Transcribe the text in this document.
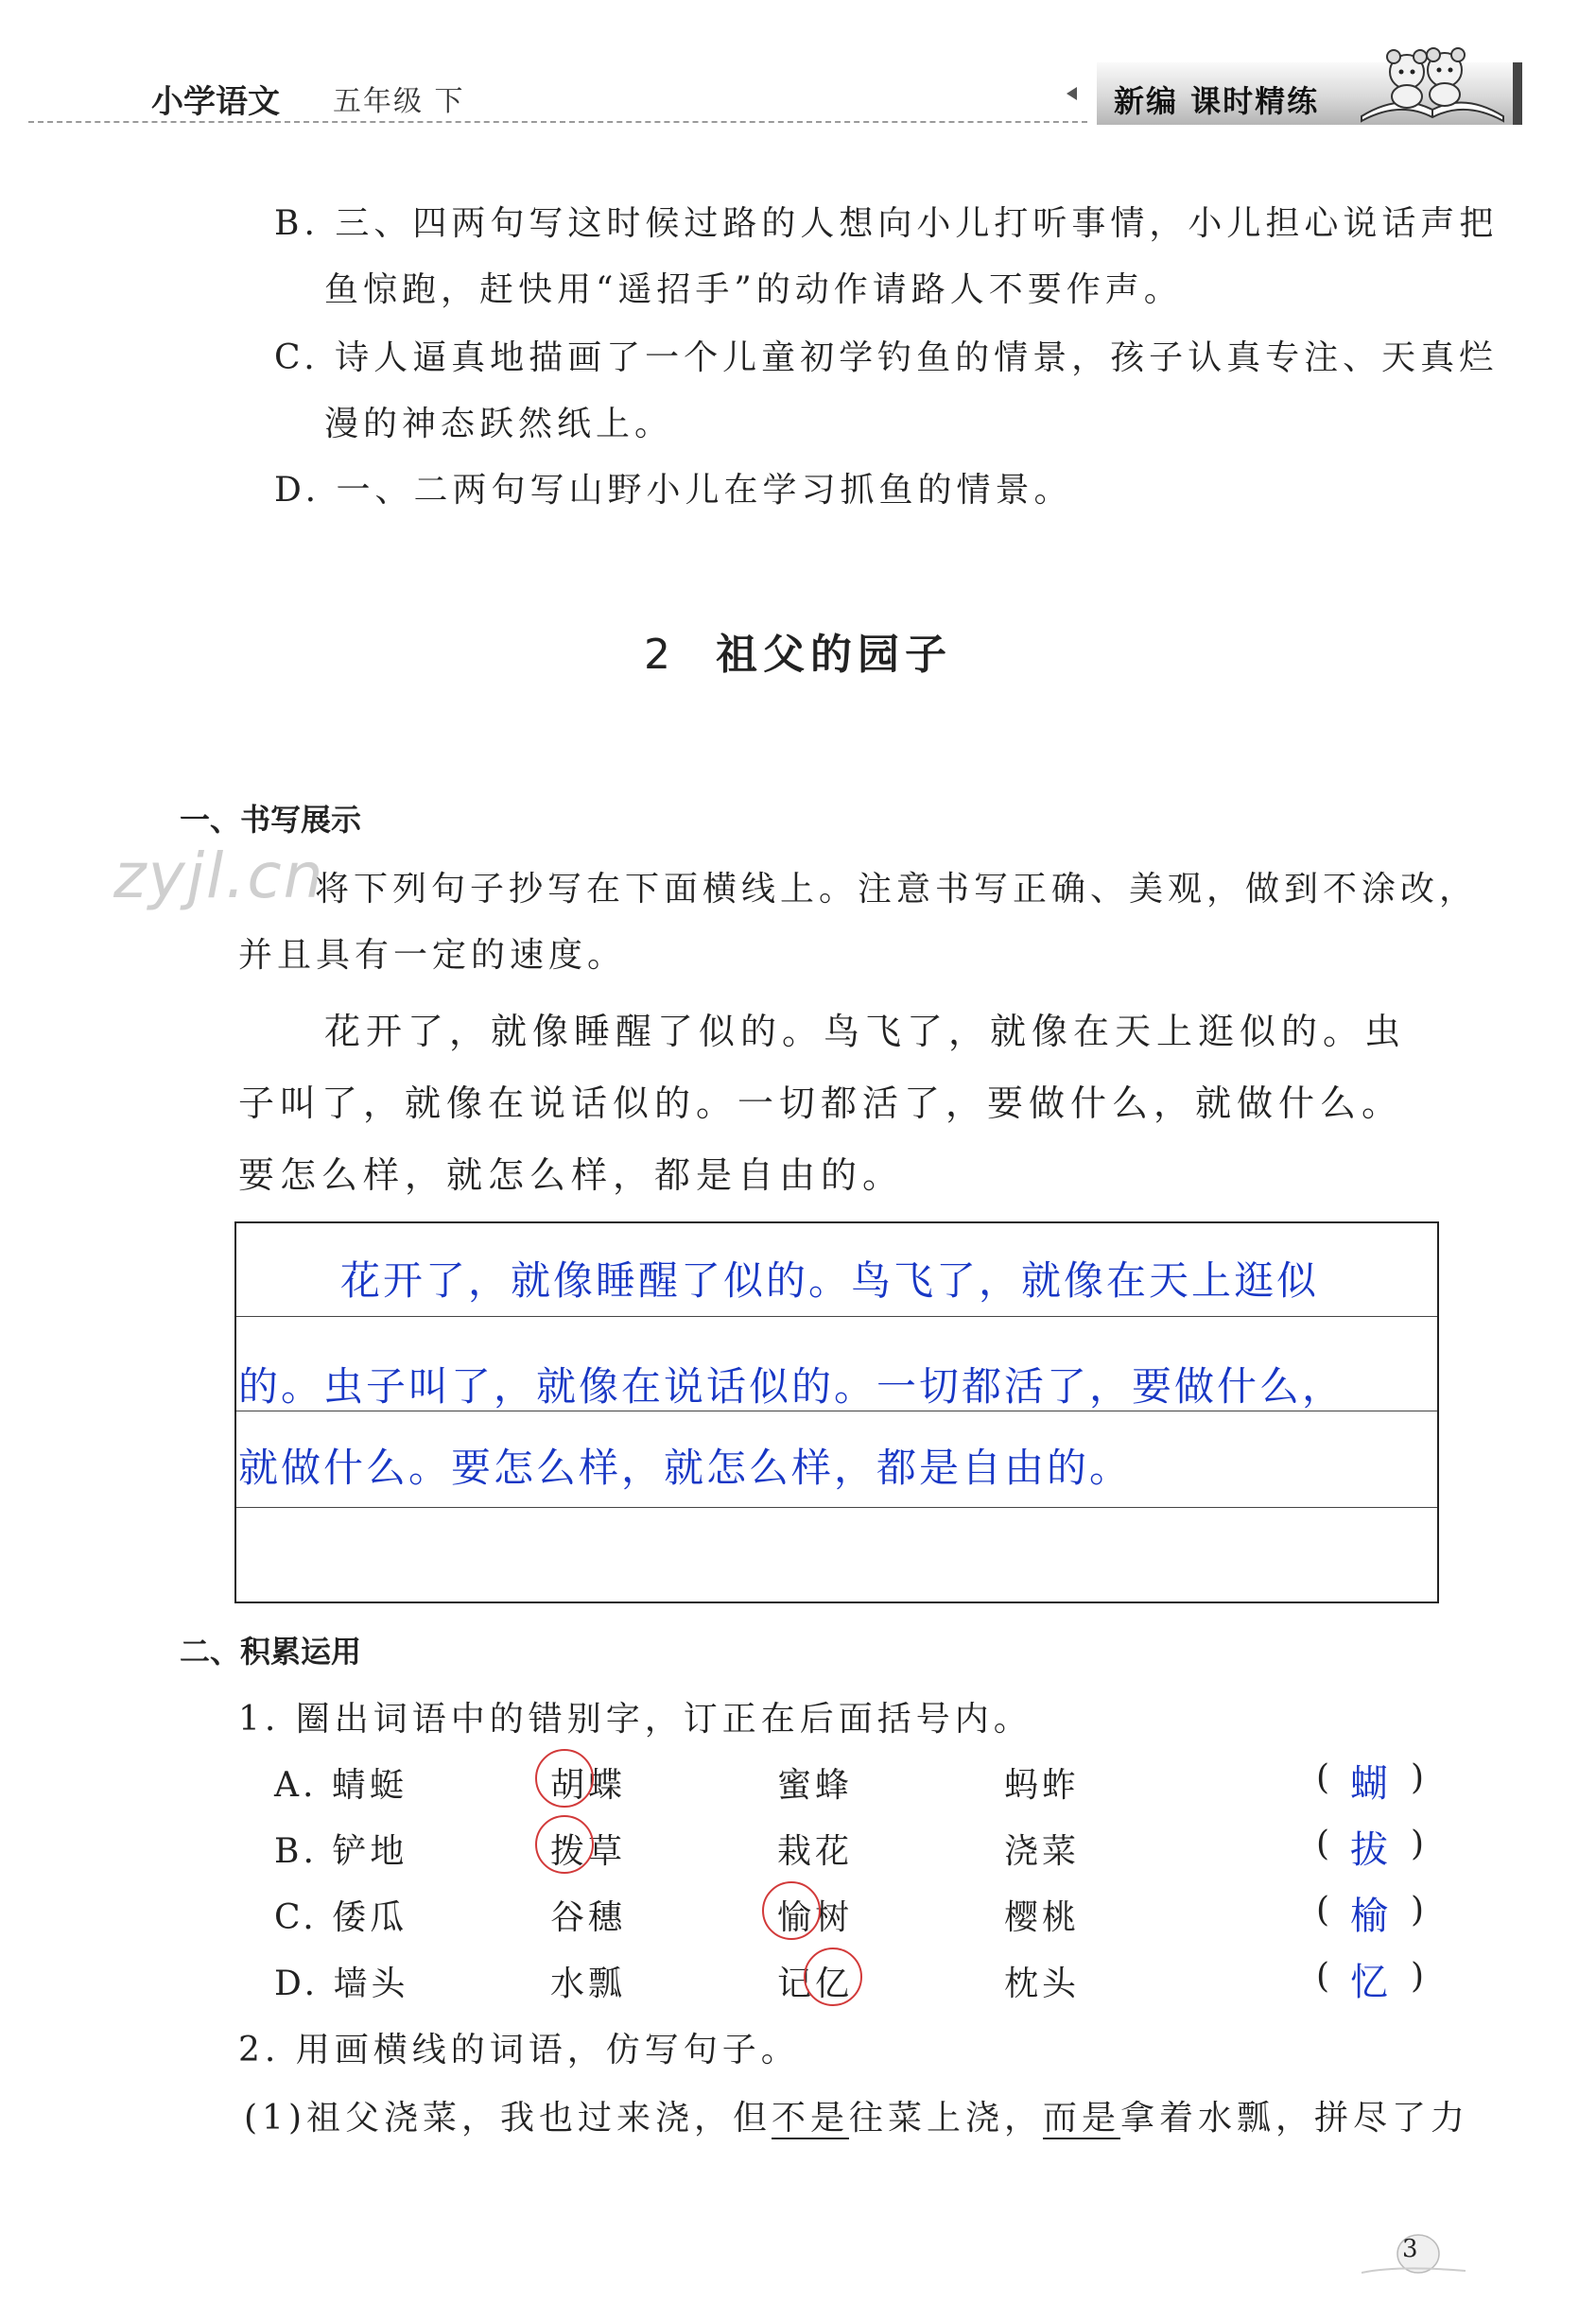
小学语文 五年级 下	新编 课时精练
B. 三、四两句写这时候过路的人想向小儿打听事情，小儿担心说话声把
鱼惊跑，赶快用“遥招手”的动作请路人不要作声。
C. 诗人逼真地描画了一个儿童初学钓鱼的情景，孩子认真专注、天真烂
漫的神态跃然纸上。
D. 一、二两句写山野小儿在学习抓鱼的情景。
2 祖父的园子
一、书写展示
zyjl.cn
将下列句子抄写在下面横线上。注意书写正确、美观，做到不涂改，
并且具有一定的速度。
花开了，就像睡醒了似的。鸟飞了，就像在天上逛似的。虫
子叫了，就像在说话似的。一切都活了，要做什么，就做什么。
要怎么样，就怎么样，都是自由的。
花开了，就像睡醒了似的。鸟飞了，就像在天上逛似
的。虫子叫了，就像在说话似的。一切都活了，要做什么，
就做什么。要怎么样，就怎么样，都是自由的。
二、积累运用
1. 圈出词语中的错别字，订正在后面括号内。
A. 蜻蜓	胡蝶	蜜蜂	蚂蚱	( 蝴 )
B. 铲地	拨草	栽花	浇菜	( 拔 )
C. 倭瓜	谷穗	愉树	樱桃	( 榆 )
D. 墙头	水瓢	记亿	枕头	( 忆 )
2. 用画横线的词语，仿写句子。
(1)祖父浇菜，我也过来浇，但不是往菜上浇，而是拿着水瓢，拼尽了力
3
